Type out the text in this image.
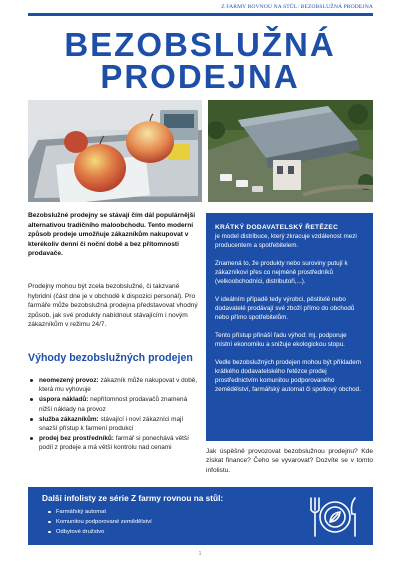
Z FARMY ROVNOU NA STŮL: BEZOBSLUŽNÁ PRODEJNA
BEZOBSLUŽNÁ
PRODEJNA
Bezobslužné prodejny se stávají čím dál populárnější alternativou tradičního maloobchodu. Tento moderní způsob prodeje umožňuje zákazníkům nakupovat v kterékoliv denní či noční době a bez přítomnosti prodavače.
Prodejny mohou být zcela bezobslužné, či takzvaně hybridní (část dne je v obchodě k dispozici personál). Pro farmáře může bezobslužná prodejna představovat vhodný způsob, jak své produkty nabídnout stávajícím i novým zákazníkům v režimu 24/7.
Výhody bezobslužných prodejen
neomezený provoz: zákazník může nakupovat v době, která mu vyhovuje
úspora nákladů: nepřítomnost prodavačů znamená nižší náklady na provoz
služba zákazníkům: stávající i noví zákazníci mají snazší přístup k farmení produkci
prodej bez prostředníků: farmář si ponechává větší podíl z prodeje a má větší kontrolu nad cenami
KRÁTKÝ DODAVATELSKÝ ŘETĚZEC

je model distribuce, který zkracuje vzdálenost mezi producentem a spotřebitelem.

Znamená to, že produkty nebo suroviny putují k zákazníkovi přes co nejméně prostředníků (velkoobchodníci, distributoři,...).

V ideálním případě tedy výrobci, pěstitelé nebo dodavatelé prodávají své zboží přímo do obchodů nebo přímo spotřebitelům.

Tento přístup přináší řadu výhod: mj. podporuje místní ekonomiku a snižuje ekologickou stopu.

Vedle bezobslužných prodejen mohou být příkladem krátkého dodavatelského řetězce prodej prostřednictvím komunitou podporovaného zemědělství, farmářský automat či spolkový obchod.

Jak úspěšně provozovat bezobslužnou prodejnu? Kde získat finance? Čeho se vyvarovat? Dozvíte se v tomto infolistu.
Další infolisty ze série Z farmy rovnou na stůl:
Farmářský automat
Komunitou podporované zemědělství
Odbytové družstvo
1
